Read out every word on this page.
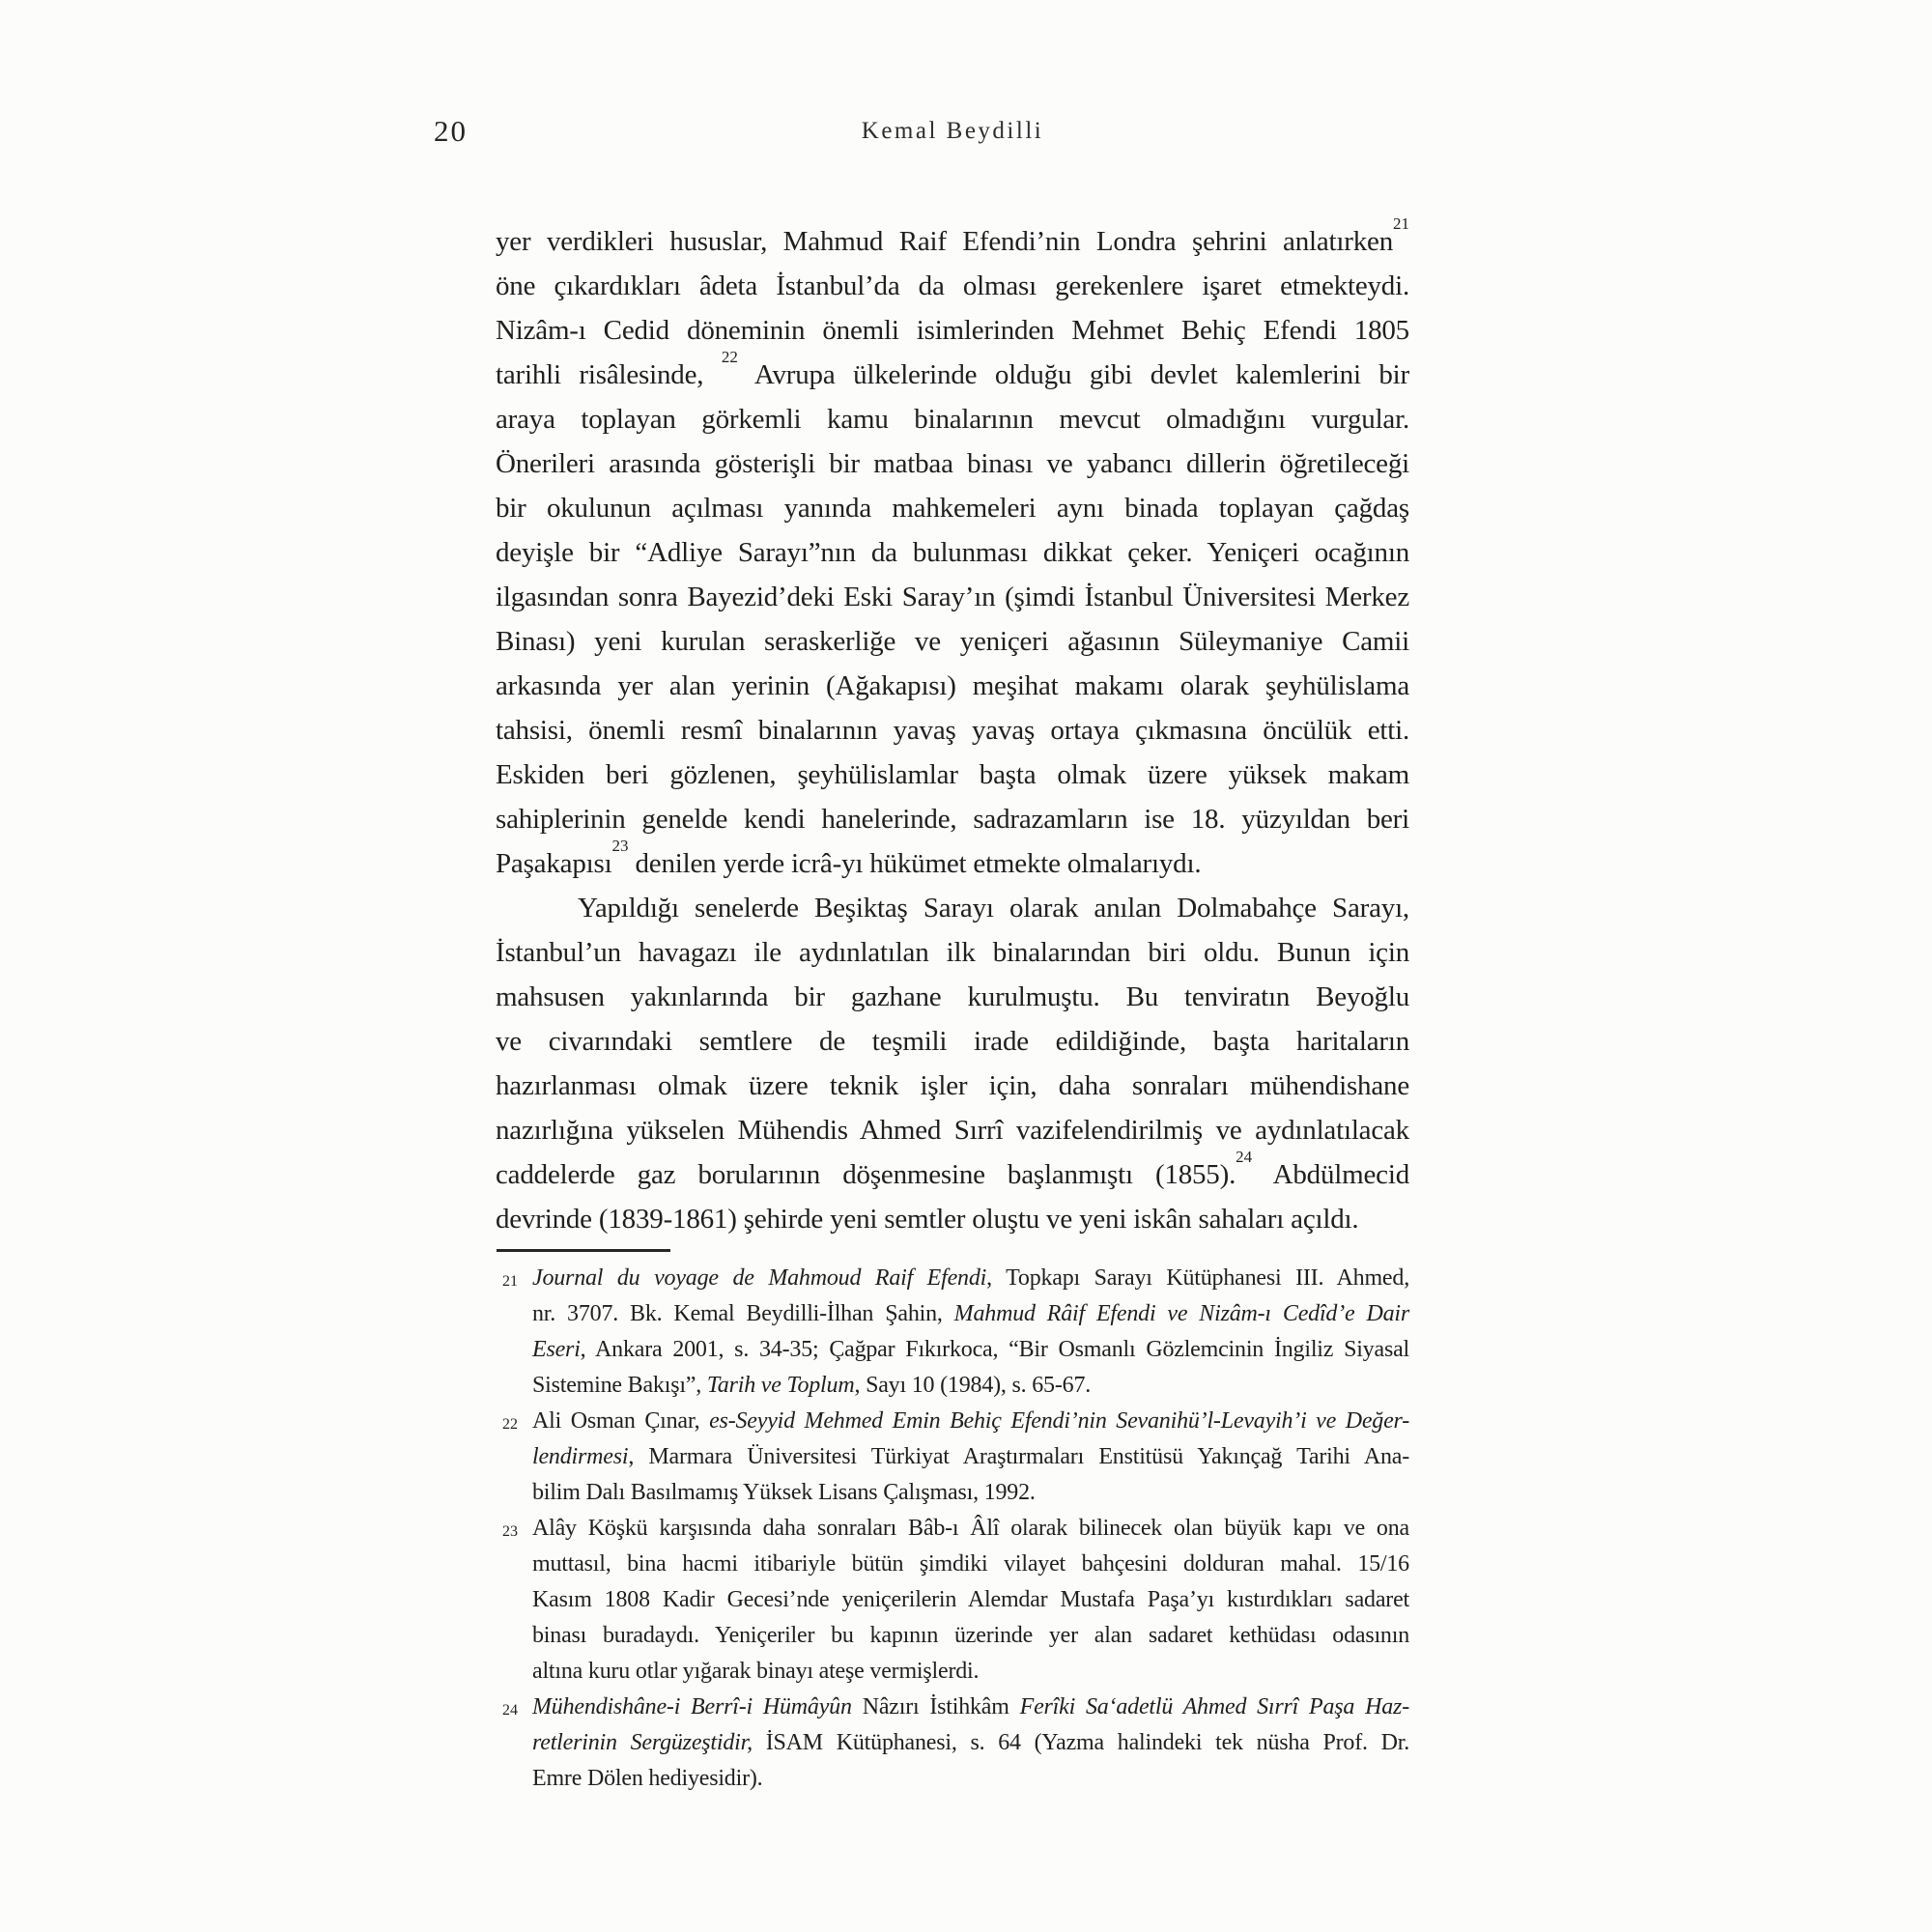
20	Kemal Beydilli
yer verdikleri hususlar, Mahmud Raif Efendi’nin Londra şehrini anlatırken$^{21}$
öne çıkardıkları âdeta İstanbul’da da olması gerekenlere işaret etmekteydi.
Nizâm-ı Cedid döneminin önemli isimlerinden Mehmet Behiç Efendi 1805
tarihli risâlesinde, $^{22}$ Avrupa ülkelerinde olduğu gibi devlet kalemlerini bir
araya toplayan görkemli kamu binalarının mevcut olmadığını vurgular.
Önerileri arasında gösterişli bir matbaa binası ve yabancı dillerin öğretileceği
bir okulunun açılması yanında mahkemeleri aynı binada toplayan çağdaş
deyişle bir “Adliye Sarayı”nın da bulunması dikkat çeker. Yeniçeri ocağının
ilgasından sonra Bayezid’deki Eski Saray’ın (şimdi İstanbul Üniversitesi Merkez
Binası) yeni kurulan seraskerliğe ve yeniçeri ağasının Süleymaniye Camii
arkasında yer alan yerinin (Ağakapısı) meşihat makamı olarak şeyhülislama
tahsisi, önemli resmî binalarının yavaş yavaş ortaya çıkmasına öncülük etti.
Eskiden beri gözlenen, şeyhülislamlar başta olmak üzere yüksek makam
sahiplerinin genelde kendi hanelerinde, sadrazamların ise 18. yüzyıldan beri
Paşakapısı$^{23}$ denilen yerde icrâ-yı hükümet etmekte olmalarıydı.
Yapıldığı senelerde Beşiktaş Sarayı olarak anılan Dolmabahçe Sarayı,
İstanbul’un havagazı ile aydınlatılan ilk binalarından biri oldu. Bunun için
mahsusen yakınlarında bir gazhane kurulmuştu. Bu tenviratın Beyoğlu
ve civarındaki semtlere de teşmili irade edildiğinde, başta haritaların
hazırlanması olmak üzere teknik işler için, daha sonraları mühendishane
nazırlığına yükselen Mühendis Ahmed Sırrî vazifelendirilmiş ve aydınlatılacak
caddelerde gaz borularının döşenmesine başlanmıştı (1855).$^{24}$ Abdülmecid
devrinde (1839-1861) şehirde yeni semtler oluştu ve yeni iskân sahaları açıldı.
21 Journal du voyage de Mahmoud Raif Efendi, Topkapı Sarayı Kütüphanesi III. Ahmed,
nr. 3707. Bk. Kemal Beydilli-İlhan Şahin, Mahmud Râif Efendi ve Nizâm-ı Cedîd’e Dair
Eseri, Ankara 2001, s. 34-35; Çağpar Fıkırkoca, “Bir Osmanlı Gözlemcinin İngiliz Siyasal
Sistemine Bakışı”, Tarih ve Toplum, Sayı 10 (1984), s. 65-67.
22 Ali Osman Çınar, es-Seyyid Mehmed Emin Behiç Efendi’nin Sevanihü’l-Levayih’i ve Değer-
lendirmesi, Marmara Üniversitesi Türkiyat Araştırmaları Enstitüsü Yakınçağ Tarihi Ana-
bilim Dalı Basılmamış Yüksek Lisans Çalışması, 1992.
23 Alây Köşkü karşısında daha sonraları Bâb-ı Âlî olarak bilinecek olan büyük kapı ve ona
muttasıl, bina hacmi itibariyle bütün şimdiki vilayet bahçesini dolduran mahal. 15/16
Kasım 1808 Kadir Gecesi’nde yeniçerilerin Alemdar Mustafa Paşa’yı kıstırdıkları sadaret
binası buradaydı. Yeniçeriler bu kapının üzerinde yer alan sadaret kethüdası odasının
altına kuru otlar yığarak binayı ateşe vermişlerdi.
24 Mühendishâne-i Berrî-i Hümâyûn Nâzırı İstihkâm Ferîki Saʻadetlü Ahmed Sırrî Paşa Haz-
retlerinin Sergüzeştidir, İSAM Kütüphanesi, s. 64 (Yazma halindeki tek nüsha Prof. Dr.
Emre Dölen hediyesidir).
